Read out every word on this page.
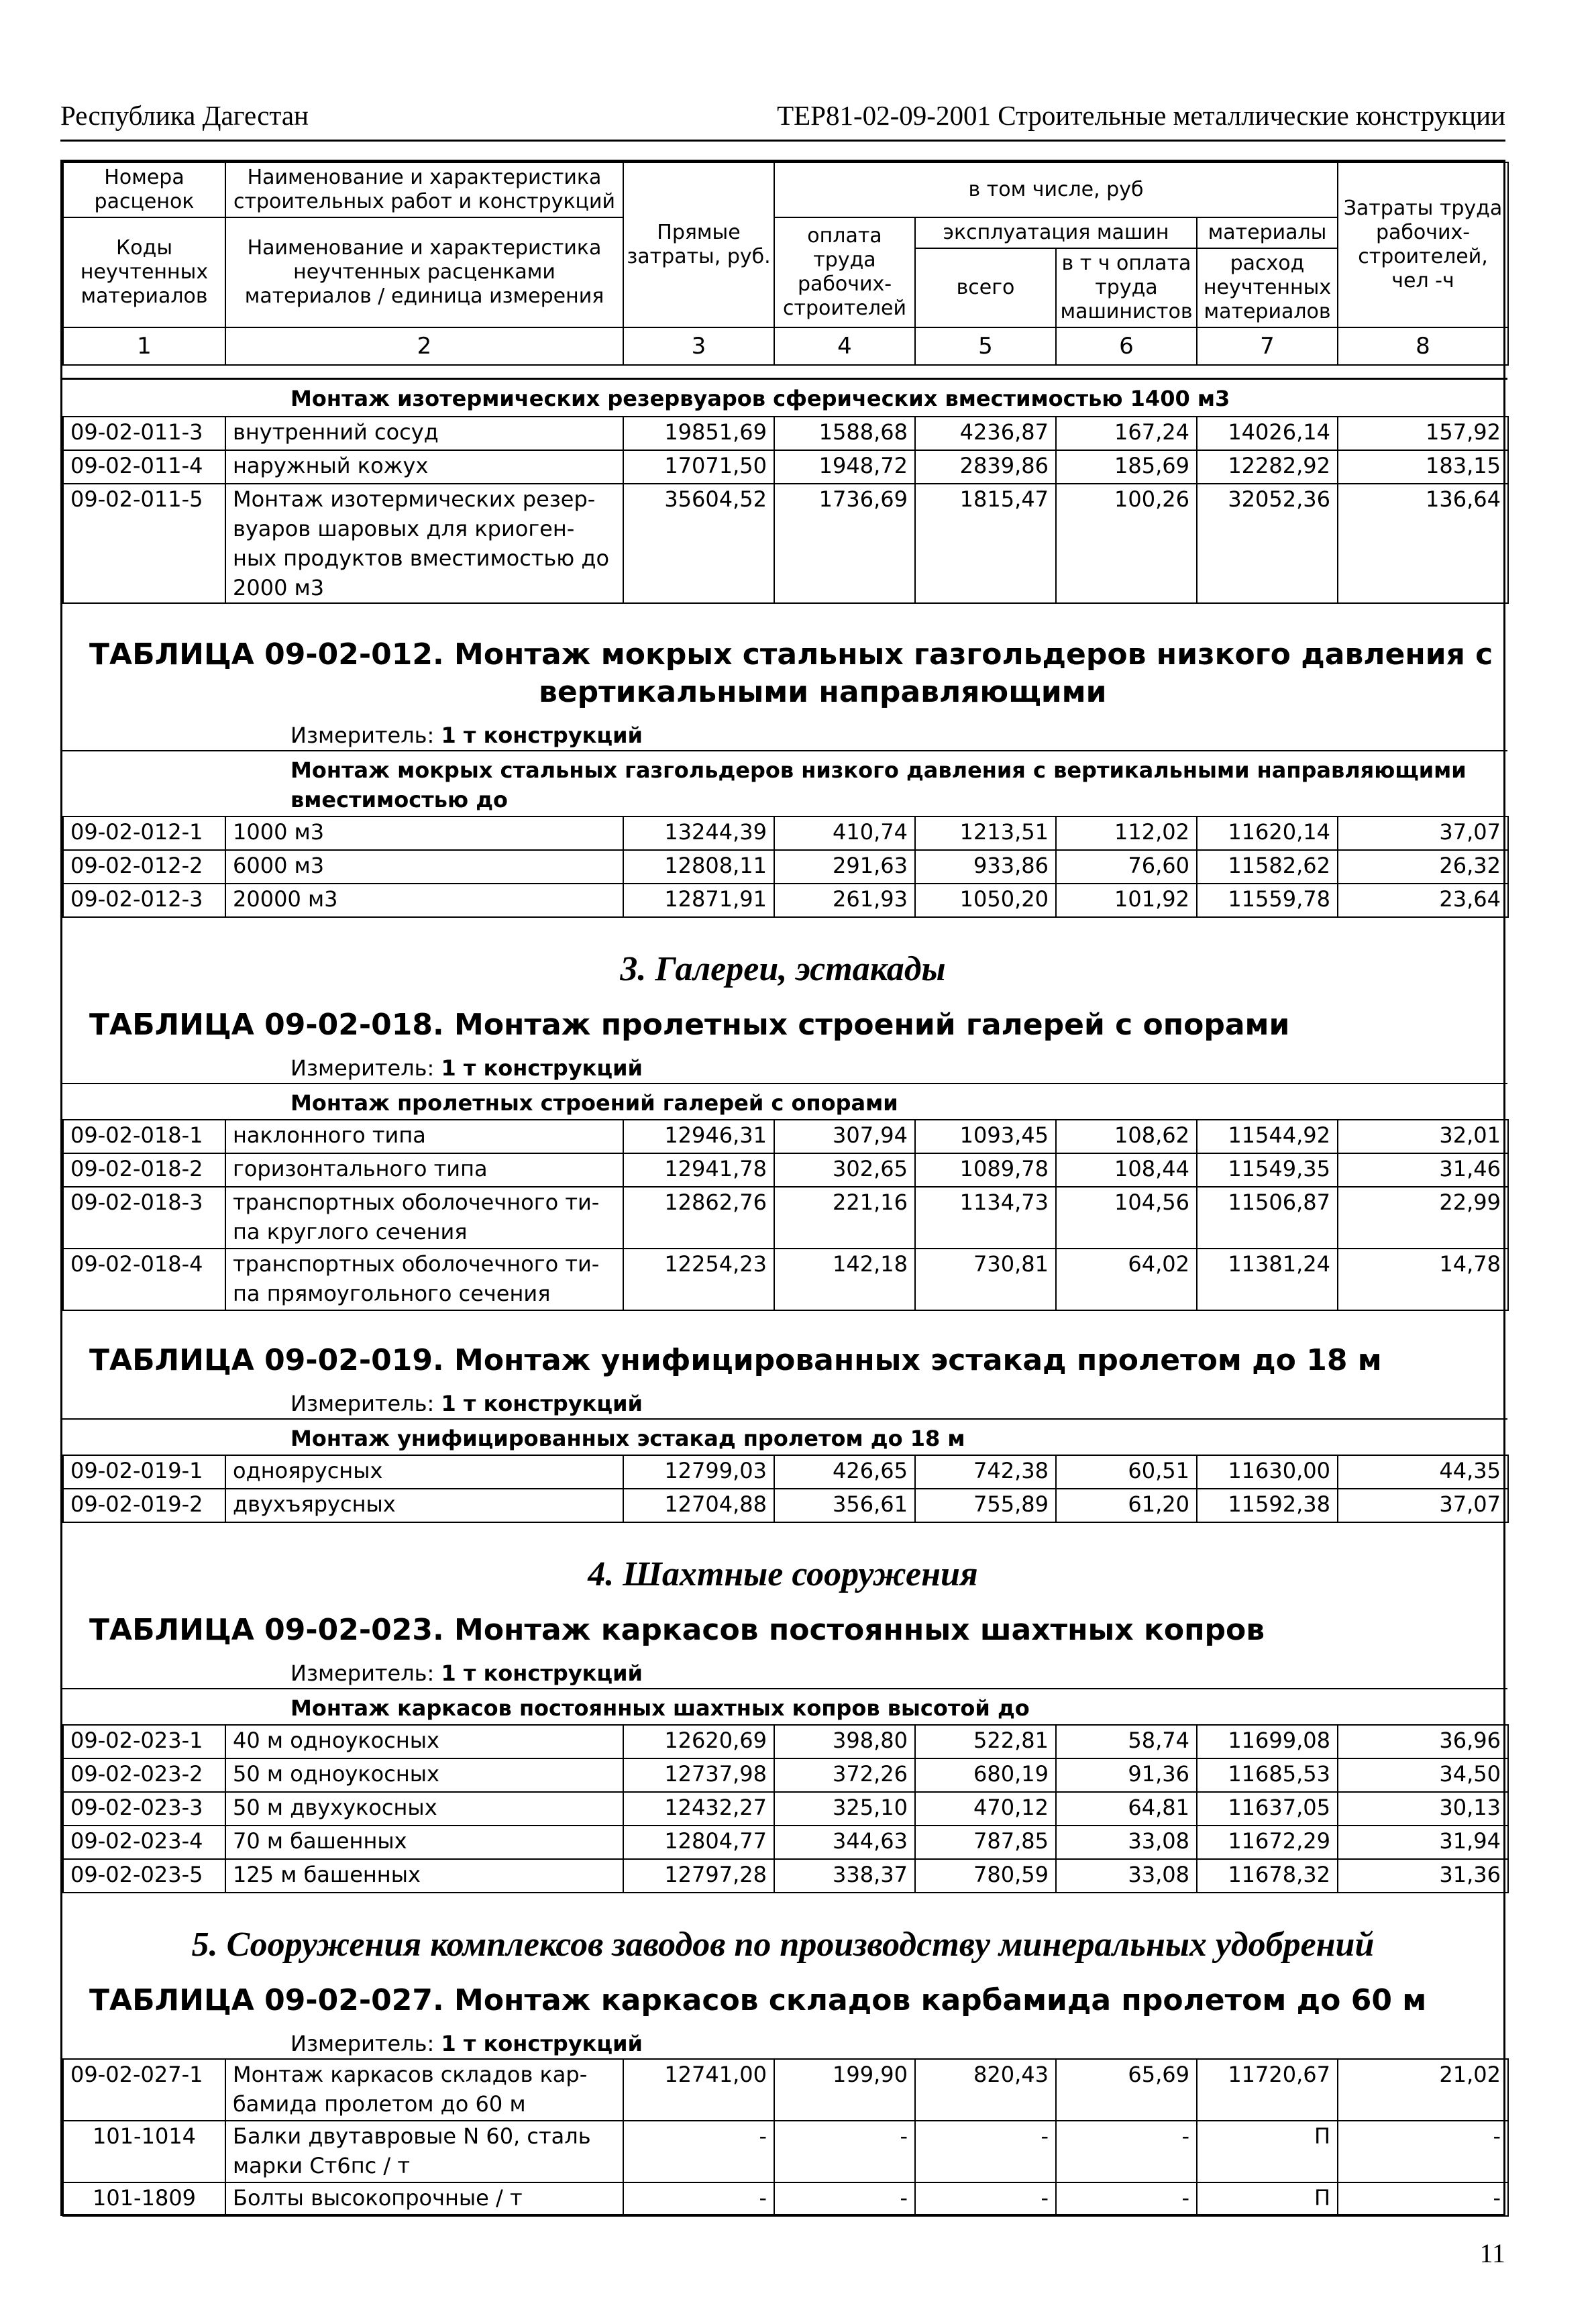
Республика Дагестан	ТЕР81-02-09-2001 Строительные металлические конструкции
Номера расценок	Наименование и характеристика строительных работ и конструкций	Прямые затраты, руб.	в том числе, руб				Затраты труда рабочих-строителей, чел -ч
Коды неучтенных материалов	Наименование и характеристика неучтенных расценками материалов / единица измерения		оплата труда рабочих-строителей	эксплуатация машин		материалы	
				всего	в т ч оплата труда машинистов	расход неучтенных материалов	
1	2	3	4	5	6	7	8
Монтаж изотермических резервуаров сферических вместимостью 1400 м3
09-02-011-3	внутренний сосуд	19851,69	1588,68	4236,87	167,24	14026,14	157,92
09-02-011-4	наружный кожух	17071,50	1948,72	2839,86	185,69	12282,92	183,15
09-02-011-5	Монтаж изотермических резер-вуаров шаровых для криоген-ных продуктов вместимостью до 2000 м3	35604,52	1736,69	1815,47	100,26	32052,36	136,64
ТАБЛИЦА 09-02-012. Монтаж мокрых стальных газгольдеров низкого давления с
вертикальными направляющими
Измеритель: 1 т конструкций
Монтаж мокрых стальных газгольдеров низкого давления с вертикальными направляющими вместимостью до
09-02-012-1	1000 м3	13244,39	410,74	1213,51	112,02	11620,14	37,07
09-02-012-2	6000 м3	12808,11	291,63	933,86	76,60	11582,62	26,32
09-02-012-3	20000 м3	12871,91	261,93	1050,20	101,92	11559,78	23,64
3. Галереи, эстакады
ТАБЛИЦА 09-02-018. Монтаж пролетных строений галерей с опорами
Измеритель: 1 т конструкций
Монтаж пролетных строений галерей с опорами
09-02-018-1	наклонного типа	12946,31	307,94	1093,45	108,62	11544,92	32,01
09-02-018-2	горизонтального типа	12941,78	302,65	1089,78	108,44	11549,35	31,46
09-02-018-3	транспортных оболочечного ти-па круглого сечения	12862,76	221,16	1134,73	104,56	11506,87	22,99
09-02-018-4	транспортных оболочечного ти-па прямоугольного сечения	12254,23	142,18	730,81	64,02	11381,24	14,78
ТАБЛИЦА 09-02-019. Монтаж унифицированных эстакад пролетом до 18 м
Измеритель: 1 т конструкций
Монтаж унифицированных эстакад пролетом до 18 м
09-02-019-1	одноярусных	12799,03	426,65	742,38	60,51	11630,00	44,35
09-02-019-2	двухъярусных	12704,88	356,61	755,89	61,20	11592,38	37,07
4. Шахтные сооружения
ТАБЛИЦА 09-02-023. Монтаж каркасов постоянных шахтных копров
Измеритель: 1 т конструкций
Монтаж каркасов постоянных шахтных копров высотой до
09-02-023-1	40 м одноукосных	12620,69	398,80	522,81	58,74	11699,08	36,96
09-02-023-2	50 м одноукосных	12737,98	372,26	680,19	91,36	11685,53	34,50
09-02-023-3	50 м двухукосных	12432,27	325,10	470,12	64,81	11637,05	30,13
09-02-023-4	70 м башенных	12804,77	344,63	787,85	33,08	11672,29	31,94
09-02-023-5	125 м башенных	12797,28	338,37	780,59	33,08	11678,32	31,36
5. Сооружения комплексов заводов по производству минеральных удобрений
ТАБЛИЦА 09-02-027. Монтаж каркасов складов карбамида пролетом до 60 м
Измеритель: 1 т конструкций
09-02-027-1	Монтаж каркасов складов кар-бамида пролетом до 60 м	12741,00	199,90	820,43	65,69	11720,67	21,02
101-1014	Балки двутавровые N 60, сталь марки Ст6пс / т	-	-	-	-	П	-
101-1809	Болты высокопрочные / т	-	-	-	-	П	-
11
